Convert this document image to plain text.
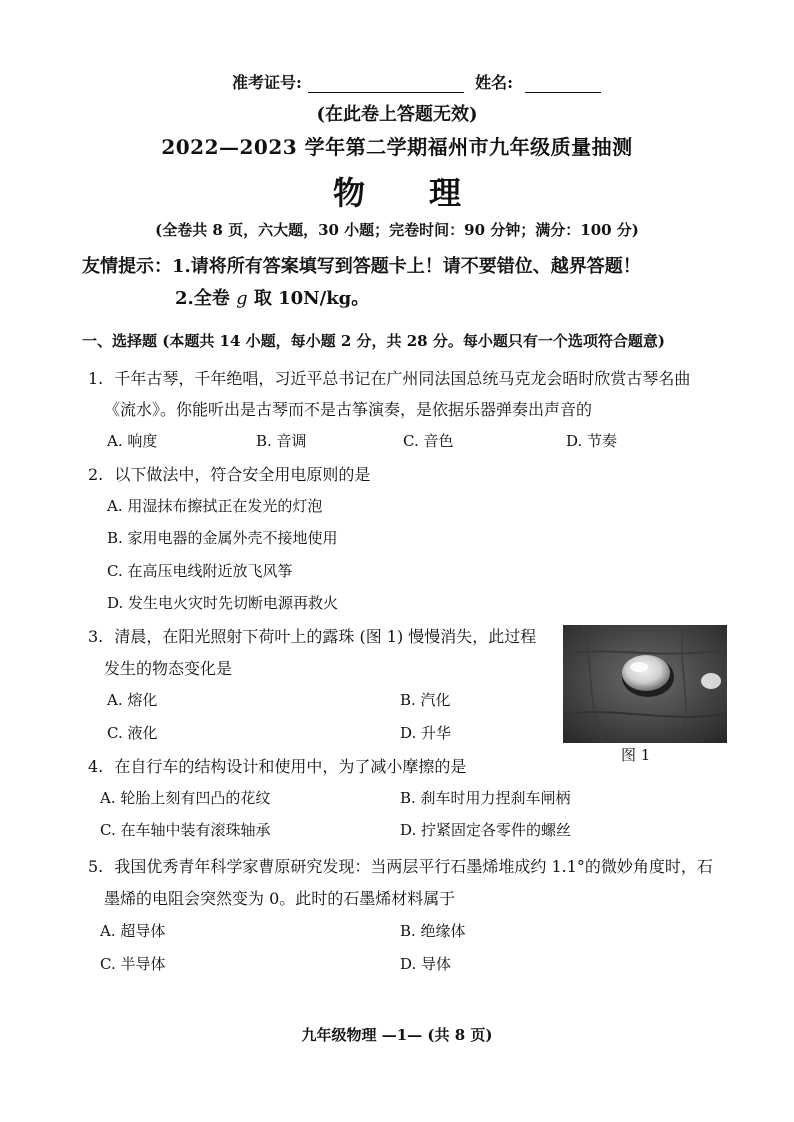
准考证号:	姓名:
(在此卷上答题无效)
2022—2023 学年第二学期福州市九年级质量抽测
物 理
(全卷共 8 页，六大题，30 小题；完卷时间：90 分钟；满分：100 分)
友情提示：1.请将所有答案填写到答题卡上！请不要错位、越界答题！
2.全卷 g 取 10N/kg。
一、选择题 (本题共 14 小题，每小题 2 分，共 28 分。每小题只有一个选项符合题意)
1. 千年古琴，千年绝唱，习近平总书记在广州同法国总统马克龙会晤时欣赏古琴名曲
《流水》。你能听出是古琴而不是古筝演奏，是依据乐器弹奏出声音的
A. 响度	B. 音调	C. 音色	D. 节奏
2. 以下做法中，符合安全用电原则的是
A. 用湿抹布擦拭正在发光的灯泡
B. 家用电器的金属外壳不接地使用
C. 在高压电线附近放飞风筝
D. 发生电火灾时先切断电源再救火
3. 清晨，在阳光照射下荷叶上的露珠 (图 1) 慢慢消失，此过程
发生的物态变化是
A. 熔化	B. 汽化
C. 液化	D. 升华
图 1
4. 在自行车的结构设计和使用中，为了减小摩擦的是
A. 轮胎上刻有凹凸的花纹	B. 刹车时用力捏刹车闸柄
C. 在车轴中装有滚珠轴承	D. 拧紧固定各零件的螺丝
5. 我国优秀青年科学家曹原研究发现：当两层平行石墨烯堆成约 1.1°的微妙角度时，石
墨烯的电阻会突然变为 0。此时的石墨烯材料属于
A. 超导体	B. 绝缘体
C. 半导体	D. 导体
九年级物理 —1— (共 8 页)
